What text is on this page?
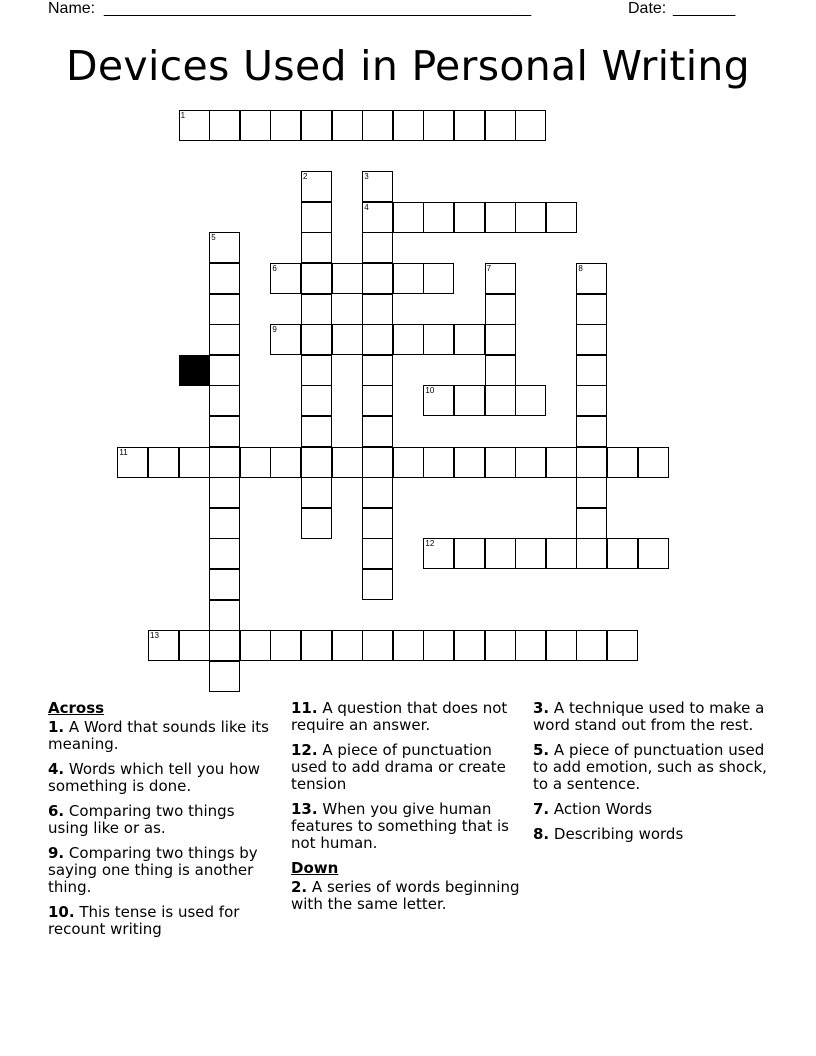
Name: ________________________________________________	Date: _______
Devices Used in Personal Writing
1
2	3
4
5
6	7	8
9
10
11
12
13
Across
1. A Word that sounds like its meaning.
4. Words which tell you how something is done.
6. Comparing two things using like or as.
9. Comparing two things by saying one thing is another thing.
10. This tense is used for recount writing
11. A question that does not require an answer.
12. A piece of punctuation used to add drama or create tension
13. When you give human features to something that is not human.
Down
2. A series of words beginning with the same letter.
3. A technique used to make a word stand out from the rest.
5. A piece of punctuation used to add emotion, such as shock, to a sentence.
7. Action Words
8. Describing words
